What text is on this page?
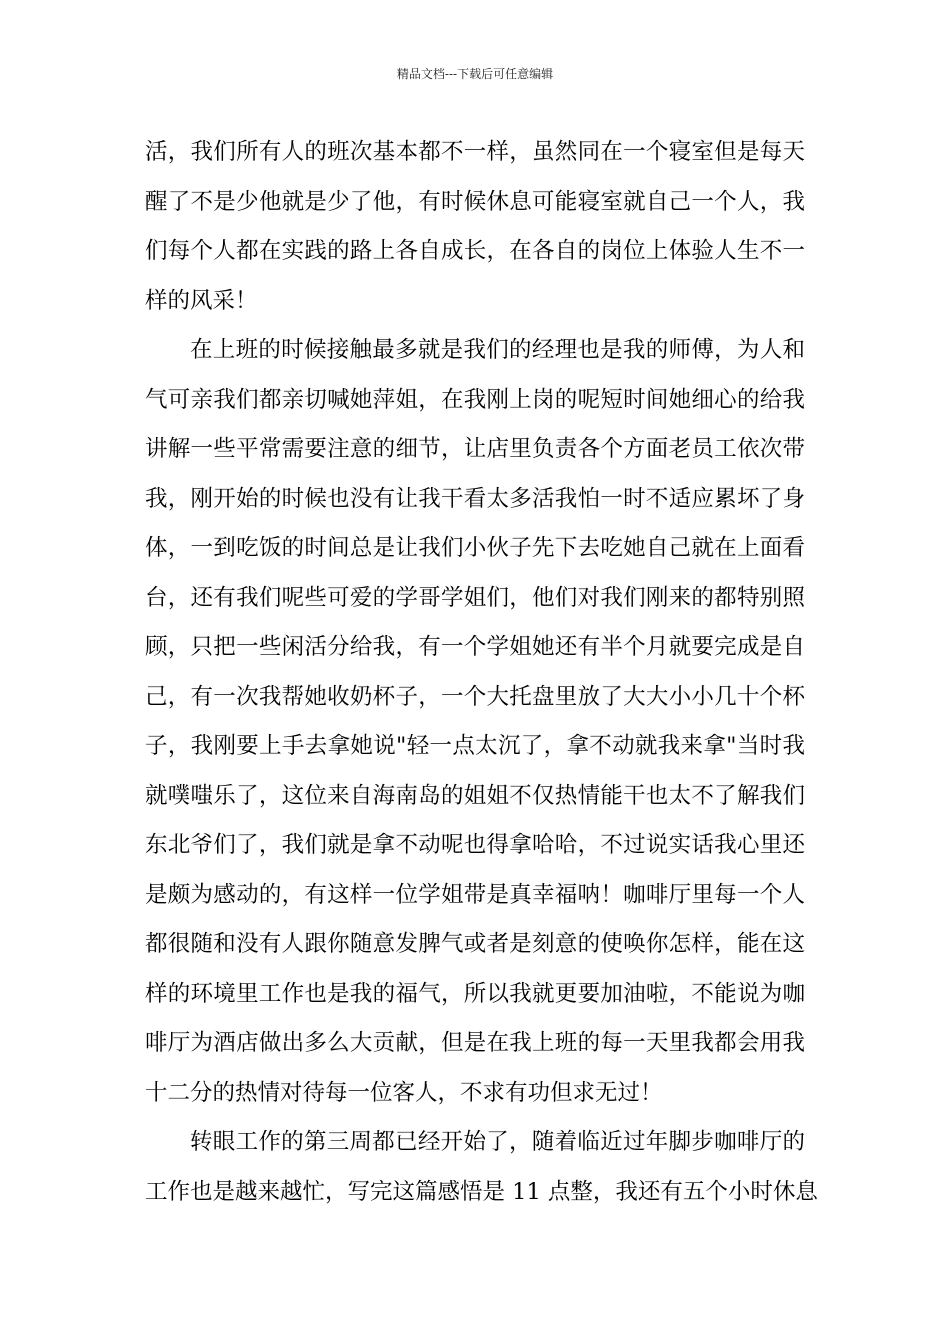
精品文档---下载后可任意编辑
活，我们所有人的班次基本都不一样，虽然同在一个寝室但是每天
醒了不是少他就是少了他，有时候休息可能寝室就自己一个人，我
们每个人都在实践的路上各自成长，在各自的岗位上体验人生不一
样的风采！
在上班的时候接触最多就是我们的经理也是我的师傅，为人和
气可亲我们都亲切喊她萍姐，在我刚上岗的呢短时间她细心的给我
讲解一些平常需要注意的细节，让店里负责各个方面老员工依次带
我，刚开始的时候也没有让我干看太多活我怕一时不适应累坏了身
体，一到吃饭的时间总是让我们小伙子先下去吃她自己就在上面看
台，还有我们呢些可爱的学哥学姐们，他们对我们刚来的都特别照
顾，只把一些闲活分给我，有一个学姐她还有半个月就要完成是自
己，有一次我帮她收奶杯子，一个大托盘里放了大大小小几十个杯
子，我刚要上手去拿她说"轻一点太沉了，拿不动就我来拿"当时我
就噗嗤乐了，这位来自海南岛的姐姐不仅热情能干也太不了解我们
东北爷们了，我们就是拿不动呢也得拿哈哈，不过说实话我心里还
是颇为感动的，有这样一位学姐带是真幸福呐！咖啡厅里每一个人
都很随和没有人跟你随意发脾气或者是刻意的使唤你怎样，能在这
样的环境里工作也是我的福气，所以我就更要加油啦，不能说为咖
啡厅为酒店做出多么大贡献，但是在我上班的每一天里我都会用我
十二分的热情对待每一位客人，不求有功但求无过！
转眼工作的第三周都已经开始了，随着临近过年脚步咖啡厅的
工作也是越来越忙，写完这篇感悟是 11 点整，我还有五个小时休息
